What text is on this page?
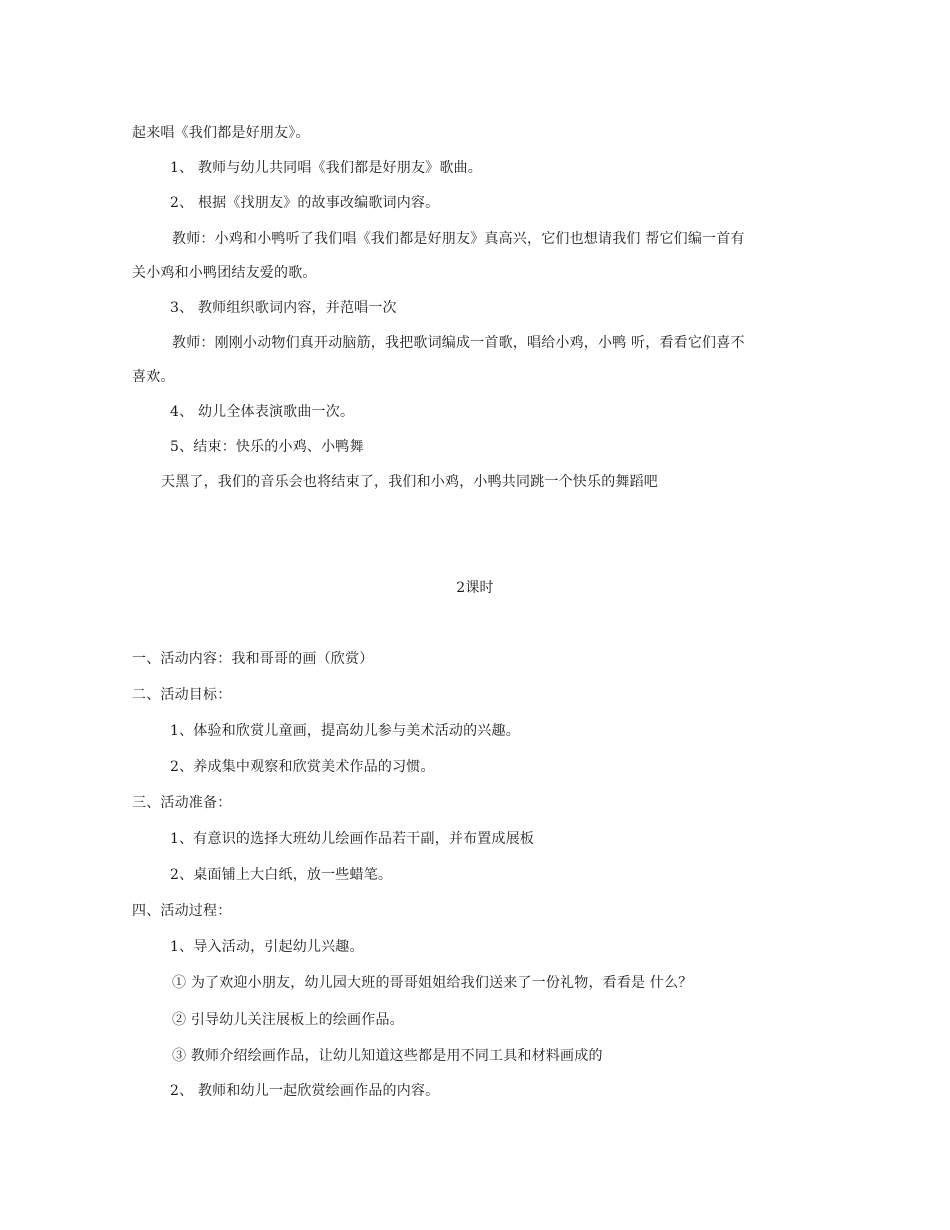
起来唱《我们都是好朋友》。
1、 教师与幼儿共同唱《我们都是好朋友》歌曲。
2、 根据《找朋友》的故事改编歌词内容。
教师：小鸡和小鸭听了我们唱《我们都是好朋友》真高兴，它们也想请我们 帮它们编一首有
关小鸡和小鸭团结友爱的歌。
3、 教师组织歌词内容，并范唱一次
教师：刚刚小动物们真开动脑筋，我把歌词编成一首歌，唱给小鸡，小鸭 听，看看它们喜不
喜欢。
4、 幼儿全体表演歌曲一次。
5、结束：快乐的小鸡、小鸭舞
天黑了，我们的音乐会也将结束了，我们和小鸡，小鸭共同跳一个快乐的舞蹈吧
2课时
一、活动内容：我和哥哥的画（欣赏）
二、活动目标：
1、体验和欣赏儿童画，提高幼儿参与美术活动的兴趣。
2、养成集中观察和欣赏美术作品的习惯。
三、活动准备：
1、有意识的选择大班幼儿绘画作品若干副，并布置成展板
2、桌面铺上大白纸，放一些蜡笔。
四、活动过程：
1、导入活动，引起幼儿兴趣。
① 为了欢迎小朋友，幼儿园大班的哥哥姐姐给我们送来了一份礼物，看看是 什么？
② 引导幼儿关注展板上的绘画作品。
③ 教师介绍绘画作品，让幼儿知道这些都是用不同工具和材料画成的
2、 教师和幼儿一起欣赏绘画作品的内容。
